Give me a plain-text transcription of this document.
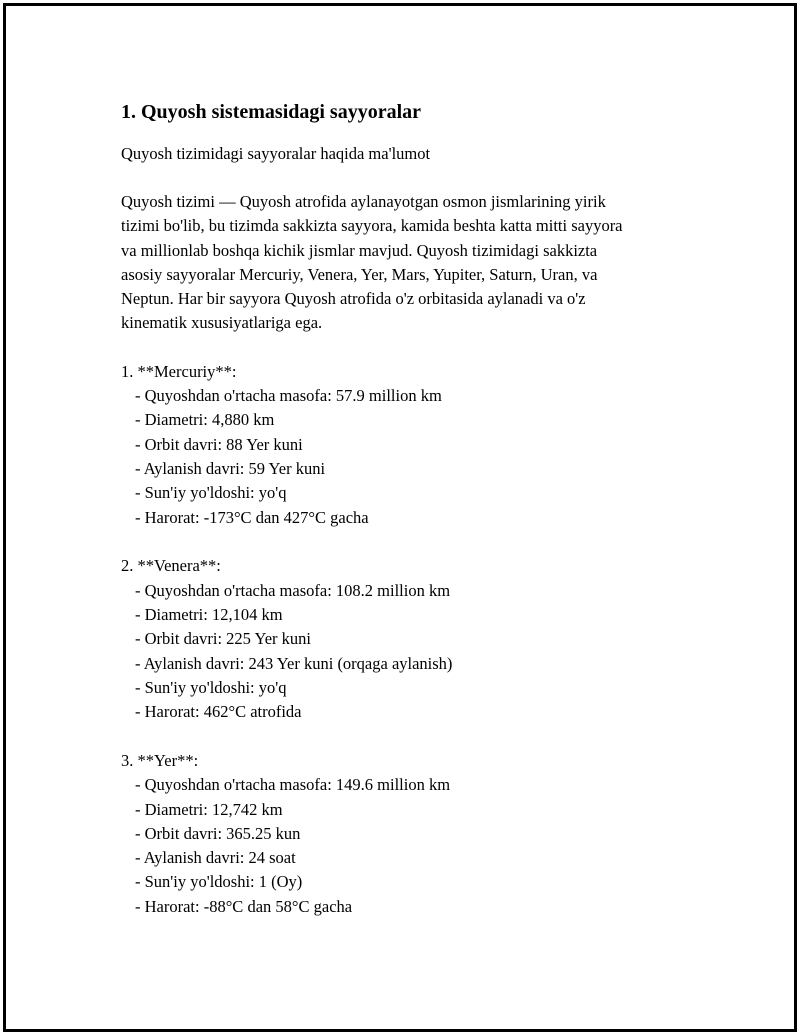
1. Quyosh sistemasidagi sayyoralar
Quyosh tizimidagi sayyoralar haqida ma'lumot
Quyosh tizimi — Quyosh atrofida aylanayotgan osmon jismlarining yirik
tizimi bo'lib, bu tizimda sakkizta sayyora, kamida beshta katta mitti sayyora
va millionlab boshqa kichik jismlar mavjud. Quyosh tizimidagi sakkizta
asosiy sayyoralar Mercuriy, Venera, Yer, Mars, Yupiter, Saturn, Uran, va
Neptun. Har bir sayyora Quyosh atrofida o'z orbitasida aylanadi va o'z
kinematik xususiyatlariga ega.
1. **Mercuriy**:
- Quyoshdan o'rtacha masofa: 57.9 million km
- Diametri: 4,880 km
- Orbit davri: 88 Yer kuni
- Aylanish davri: 59 Yer kuni
- Sun'iy yo'ldoshi: yo'q
- Harorat: -173°C dan 427°C gacha
2. **Venera**:
- Quyoshdan o'rtacha masofa: 108.2 million km
- Diametri: 12,104 km
- Orbit davri: 225 Yer kuni
- Aylanish davri: 243 Yer kuni (orqaga aylanish)
- Sun'iy yo'ldoshi: yo'q
- Harorat: 462°C atrofida
3. **Yer**:
- Quyoshdan o'rtacha masofa: 149.6 million km
- Diametri: 12,742 km
- Orbit davri: 365.25 kun
- Aylanish davri: 24 soat
- Sun'iy yo'ldoshi: 1 (Oy)
- Harorat: -88°C dan 58°C gacha
